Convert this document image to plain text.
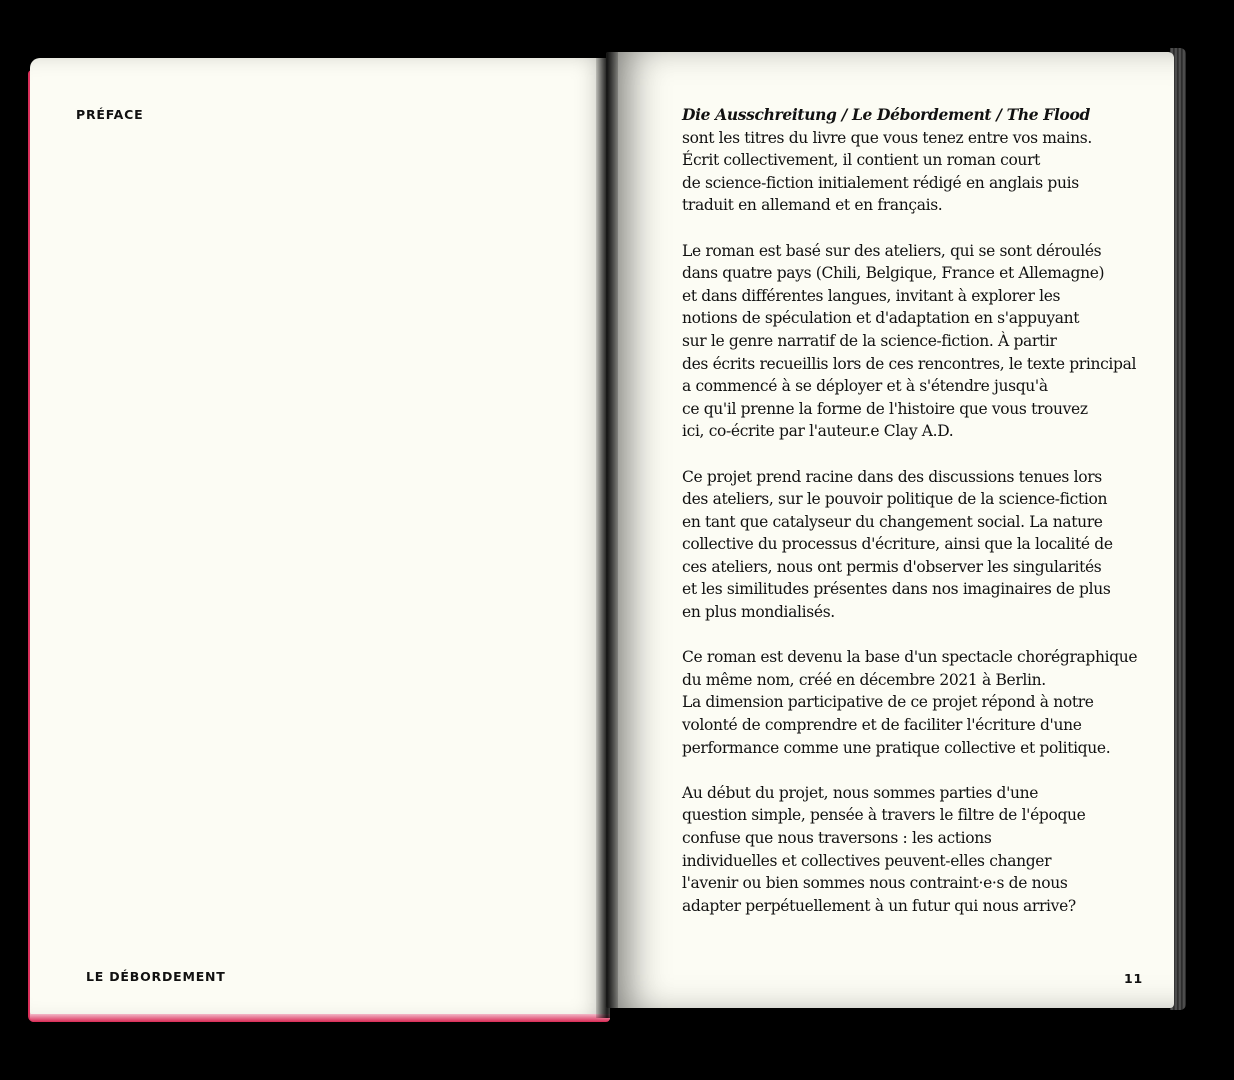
PRÉFACE
LE DÉBORDEMENT	11

Die Ausschreitung / Le Débordement / The Flood
sont les titres du livre que vous tenez entre vos mains.
Écrit collectivement, il contient un roman court
de science-fiction initialement rédigé en anglais puis
traduit en allemand et en français.

Le roman est basé sur des ateliers, qui se sont déroulés
dans quatre pays (Chili, Belgique, France et Allemagne)
et dans différentes langues, invitant à explorer les
notions de spéculation et d'adaptation en s'appuyant
sur le genre narratif de la science-fiction. À partir
des écrits recueillis lors de ces rencontres, le texte principal
a commencé à se déployer et à s'étendre jusqu'à
ce qu'il prenne la forme de l'histoire que vous trouvez
ici, co-écrite par l'auteur.e Clay A.D.

Ce projet prend racine dans des discussions tenues lors
des ateliers, sur le pouvoir politique de la science-fiction
en tant que catalyseur du changement social. La nature
collective du processus d'écriture, ainsi que la localité de
ces ateliers, nous ont permis d'observer les singularités
et les similitudes présentes dans nos imaginaires de plus
en plus mondialisés.

Ce roman est devenu la base d'un spectacle chorégraphique
du même nom, créé en décembre 2021 à Berlin.
La dimension participative de ce projet répond à notre
volonté de comprendre et de faciliter l'écriture d'une
performance comme une pratique collective et politique.

Au début du projet, nous sommes parties d'une
question simple, pensée à travers le filtre de l'époque
confuse que nous traversons : les actions
individuelles et collectives peuvent-elles changer
l'avenir ou bien sommes nous contraint·e·s de nous
adapter perpétuellement à un futur qui nous arrive?
